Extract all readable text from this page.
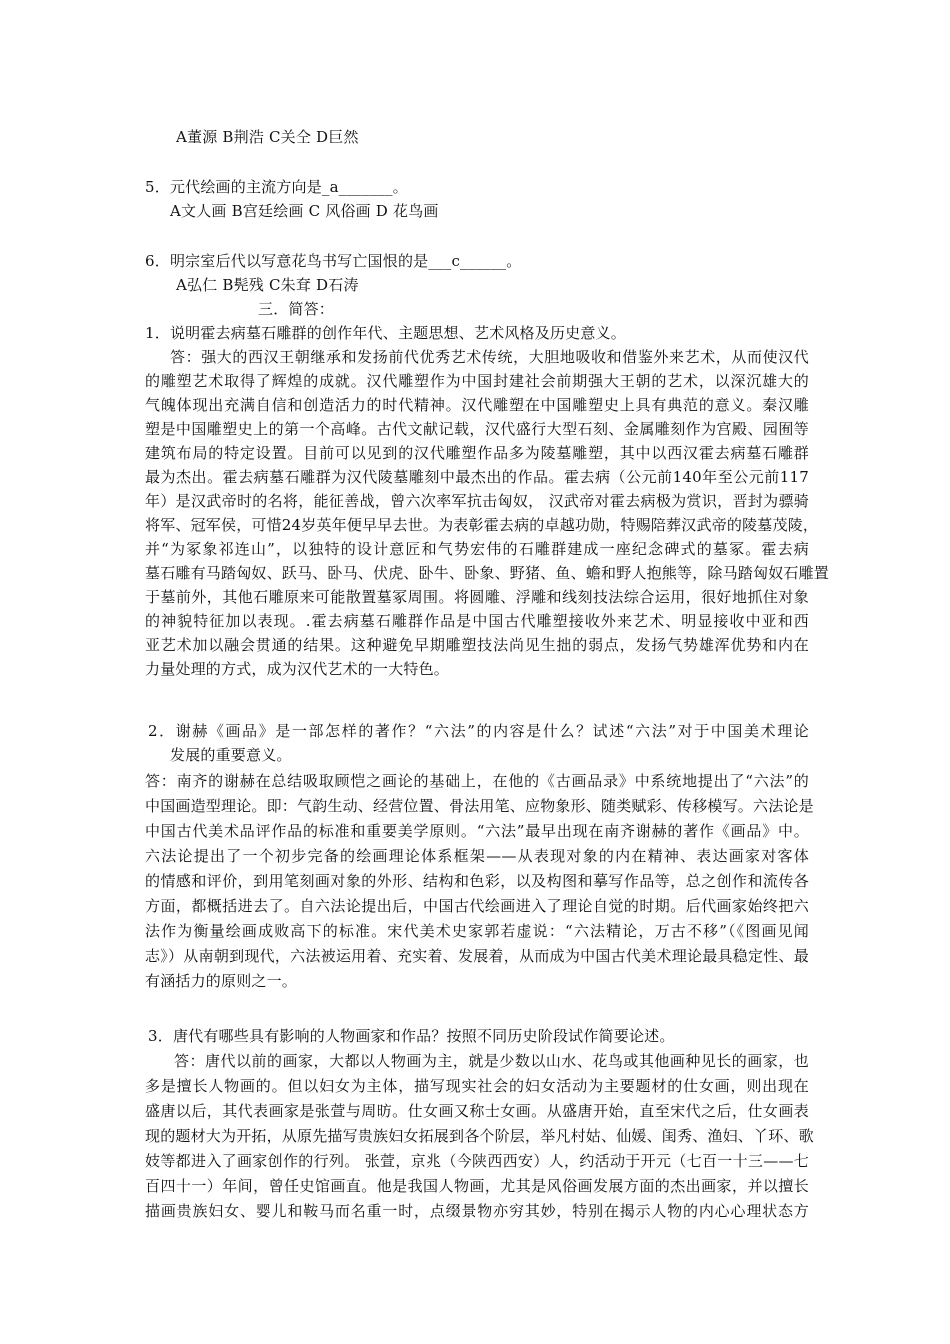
A董源 B荆浩 C关仝 D巨然
5．元代绘画的主流方向是_a_______。
A文人画 B宫廷绘画 C 风俗画 D 花鸟画
6．明宗室后代以写意花鸟书写亡国恨的是___c______。
A弘仁 B髡残 C朱耷 D石涛
三．简答：
1．说明霍去病墓石雕群的创作年代、主题思想、艺术风格及历史意义。
答：强大的西汉王朝继承和发扬前代优秀艺术传统，大胆地吸收和借鉴外来艺术，从而使汉代
的雕塑艺术取得了辉煌的成就。汉代雕塑作为中国封建社会前期强大王朝的艺术，以深沉雄大的
气魄体现出充满自信和创造活力的时代精神。汉代雕塑在中国雕塑史上具有典范的意义。秦汉雕
塑是中国雕塑史上的第一个高峰。古代文献记载，汉代盛行大型石刻、金属雕刻作为宫殿、园囿等
建筑布局的特定设置。目前可以见到的汉代雕塑作品多为陵墓雕塑，其中以西汉霍去病墓石雕群
最为杰出。霍去病墓石雕群为汉代陵墓雕刻中最杰出的作品。霍去病（公元前140年至公元前117
年）是汉武帝时的名将，能征善战，曾六次率军抗击匈奴， 汉武帝对霍去病极为赏识，晋封为骠骑
将军、冠军侯，可惜24岁英年便早早去世。为表彰霍去病的卓越功勋，特赐陪葬汉武帝的陵墓茂陵，
并“为冢象祁连山”，以独特的设计意匠和气势宏伟的石雕群建成一座纪念碑式的墓冢。霍去病
墓石雕有马踏匈奴、跃马、卧马、伏虎、卧牛、卧象、野猪、鱼、蟾和野人抱熊等，除马踏匈奴石雕置
于墓前外，其他石雕原来可能散置墓冢周围。将圆雕、浮雕和线刻技法综合运用，很好地抓住对象
的神貌特征加以表现。.霍去病墓石雕群作品是中国古代雕塑接收外来艺术、明显接收中亚和西
亚艺术加以融会贯通的结果。这种避免早期雕塑技法尚见生拙的弱点，发扬气势雄浑优势和内在
力量处理的方式，成为汉代艺术的一大特色。
2．谢赫《画品》是一部怎样的著作？“六法”的内容是什么？试述“六法”对于中国美术理论
发展的重要意义。
答：南齐的谢赫在总结吸取顾恺之画论的基础上，在他的《古画品录》中系统地提出了“六法”的
中国画造型理论。即：气韵生动、经营位置、骨法用笔、应物象形、随类赋彩、传移模写。六法论是
中国古代美术品评作品的标准和重要美学原则。“六法”最早出现在南齐谢赫的著作《画品》中。
六法论提出了一个初步完备的绘画理论体系框架——从表现对象的内在精神、表达画家对客体
的情感和评价，到用笔刻画对象的外形、结构和色彩，以及构图和摹写作品等，总之创作和流传各
方面，都概括进去了。自六法论提出后，中国古代绘画进入了理论自觉的时期。后代画家始终把六
法作为衡量绘画成败高下的标准。宋代美术史家郭若虚说：“六法精论，万古不移”（《图画见闻
志》）从南朝到现代，六法被运用着、充实着、发展着，从而成为中国古代美术理论最具稳定性、最
有涵括力的原则之一。
3．唐代有哪些具有影响的人物画家和作品？按照不同历史阶段试作简要论述。
答：唐代以前的画家，大都以人物画为主，就是少数以山水、花鸟或其他画种见长的画家，也
多是擅长人物画的。但以妇女为主体，描写现实社会的妇女活动为主要题材的仕女画，则出现在
盛唐以后，其代表画家是张萱与周昉。仕女画又称士女画。从盛唐开始，直至宋代之后，仕女画表
现的题材大为开拓，从原先描写贵族妇女拓展到各个阶层，举凡村姑、仙媛、闺秀、渔妇、丫环、歌
妓等都进入了画家创作的行列。 张萱，京兆（今陕西西安）人，约活动于开元（七百一十三——七
百四十一）年间，曾任史馆画直。他是我国人物画，尤其是风俗画发展方面的杰出画家，并以擅长
描画贵族妇女、婴儿和鞍马而名重一时，点缀景物亦穷其妙，特别在揭示人物的内心心理状态方
